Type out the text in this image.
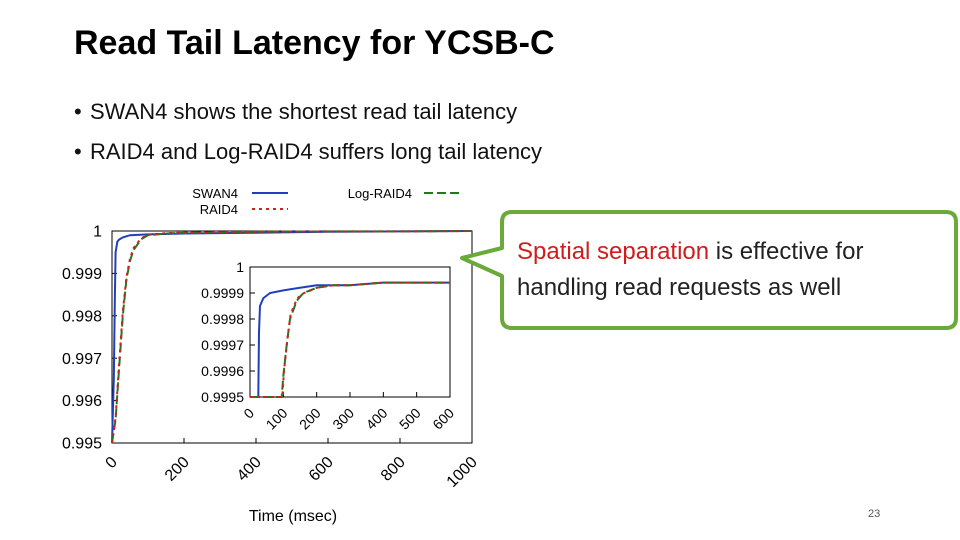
Read Tail Latency for YCSB-C
• SWAN4 shows the shortest read tail latency
• RAID4 and Log-RAID4 suffers long tail latency
0.995
0.996
0.997
0.998
0.999
1
0	200	400	600	800 1000
Time (msec)
SWAN4	Log-RAID4
RAID4
0.9995
0.9996
0.9997
0.9998
0.9999
1
0 100 200 300 400 500 600
Spatial separation is effective for handling read requests as well
23
